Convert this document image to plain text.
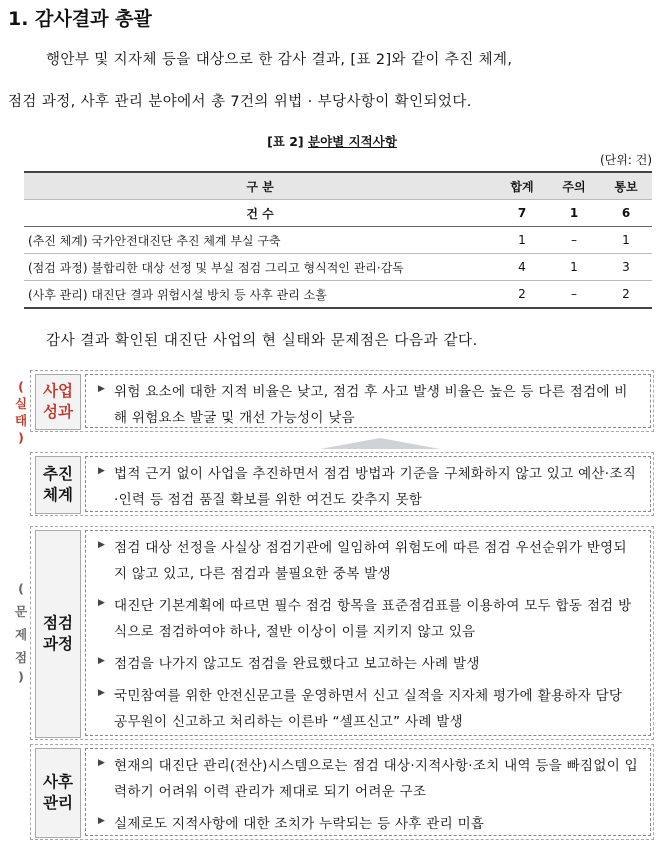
1. 감사결과 총괄
행안부 및 지자체 등을 대상으로 한 감사 결과, [표 2]와 같이 추진 체계,
점검 과정, 사후 관리 분야에서 총 7건의 위법 · 부당사항이 확인되었다.
[표 2] 분야별 지적사항
(단위: 건)
구 분	합계	주의	통보
건 수	7	1	6
(추진 체계) 국가안전대진단 추진 체계 부실 구축	1	–	1
(점검 과정) 불합리한 대상 선정 및 부실 점검 그리고 형식적인 관리·감독	4	1	3
(사후 관리) 대진단 결과 위험시설 방치 등 사후 관리 소홀	2	–	2
감사 결과 확인된 대진단 사업의 현 실태와 문제점은 다음과 같다.
(
실
태
)
(
문
제
점
)
사업
성과
▶ 위험 요소에 대한 지적 비율은 낮고, 점검 후 사고 발생 비율은 높은 등 다른 점검에 비해 위험요소 발굴 및 개선 가능성이 낮음
추진
체계
▶ 법적 근거 없이 사업을 추진하면서 점검 방법과 기준을 구체화하지 않고 있고 예산·조직·인력 등 점검 품질 확보를 위한 여건도 갖추지 못함
점검
과정
▶ 점검 대상 선정을 사실상 점검기관에 일임하여 위험도에 따른 점검 우선순위가 반영되지 않고 있고, 다른 점검과 불필요한 중복 발생
▶ 대진단 기본계획에 따르면 필수 점검 항목을 표준점검표를 이용하여 모두 합동 점검 방식으로 점검하여야 하나, 절반 이상이 이를 지키지 않고 있음
▶ 점검을 나가지 않고도 점검을 완료했다고 보고하는 사례 발생
▶ 국민참여를 위한 안전신문고를 운영하면서 신고 실적을 지자체 평가에 활용하자 담당 공무원이 신고하고 처리하는 이른바 “셀프신고” 사례 발생
사후
관리
▶ 현재의 대진단 관리(전산)시스템으로는 점검 대상·지적사항·조치 내역 등을 빠짐없이 입력하기 어려워 이력 관리가 제대로 되기 어려운 구조
▶ 실제로도 지적사항에 대한 조치가 누락되는 등 사후 관리 미흡
